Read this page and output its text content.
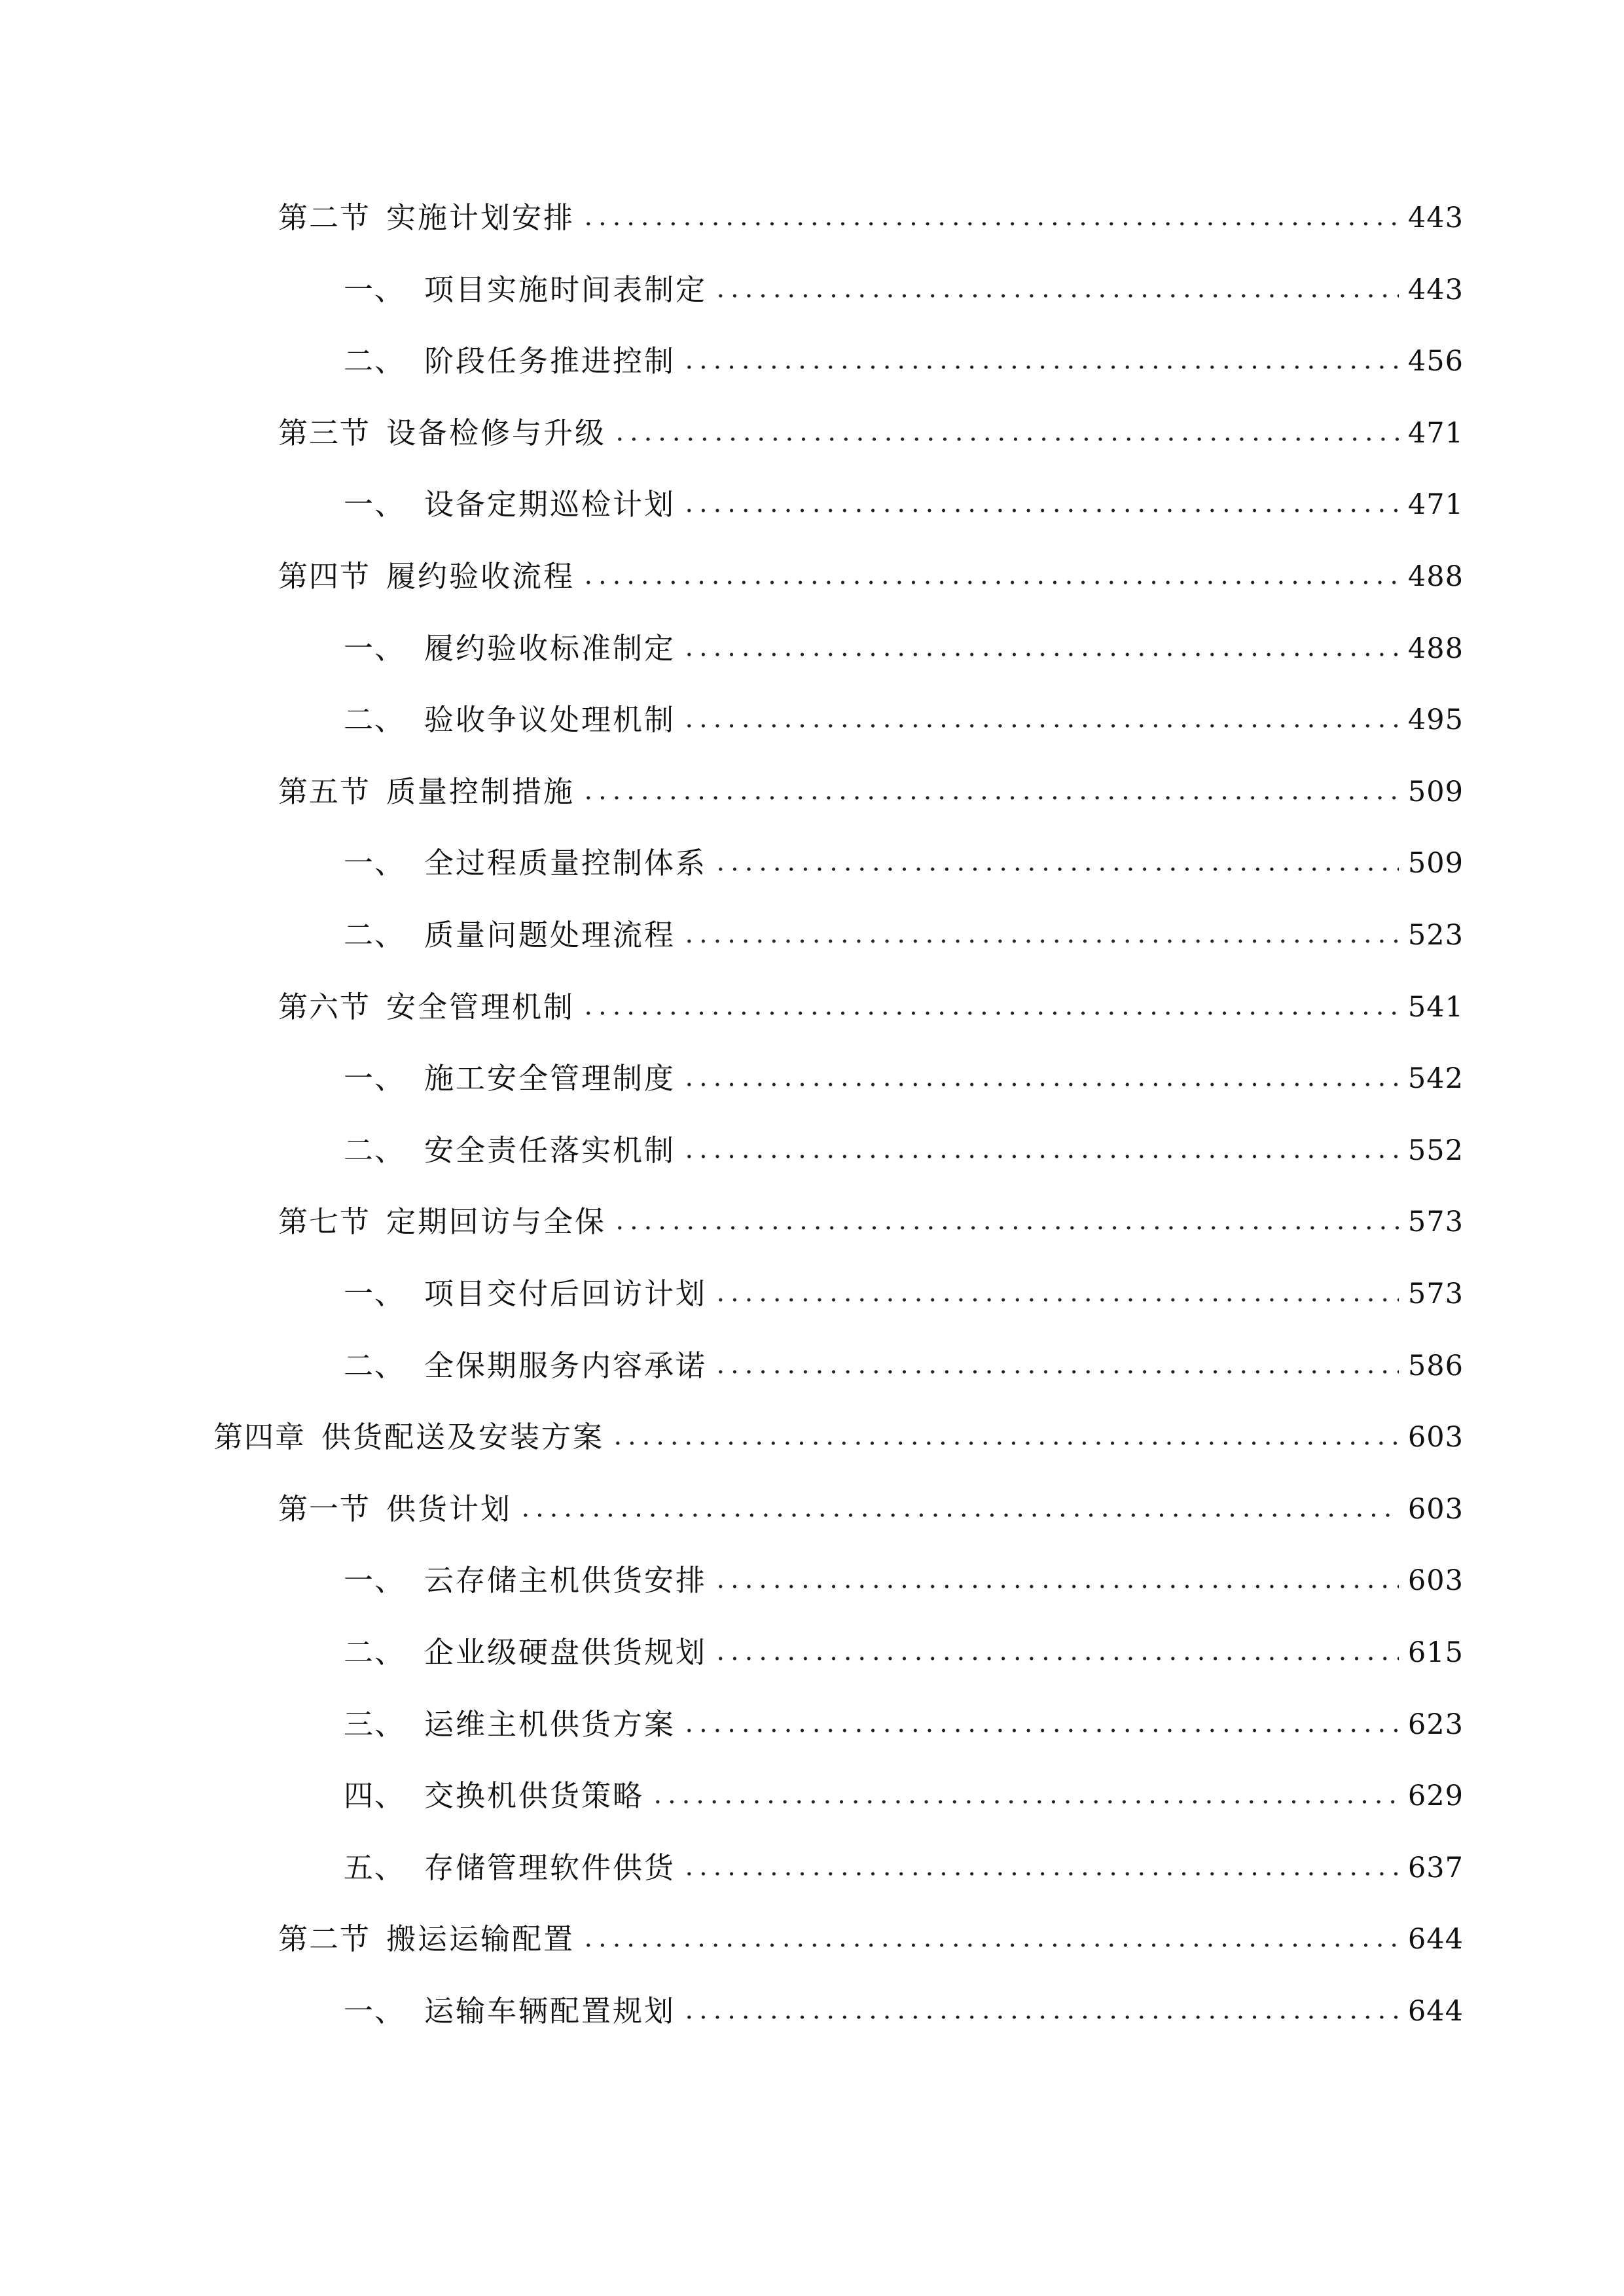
第二节 实施计划安排	443
一、 项目实施时间表制定	443
二、 阶段任务推进控制	456
第三节 设备检修与升级	471
一、 设备定期巡检计划	471
第四节 履约验收流程	488
一、 履约验收标准制定	488
二、 验收争议处理机制	495
第五节 质量控制措施	509
一、 全过程质量控制体系	509
二、 质量问题处理流程	523
第六节 安全管理机制	541
一、 施工安全管理制度	542
二、 安全责任落实机制	552
第七节 定期回访与全保	573
一、 项目交付后回访计划	573
二、 全保期服务内容承诺	586
第四章 供货配送及安装方案	603
第一节 供货计划	603
一、 云存储主机供货安排	603
二、 企业级硬盘供货规划	615
三、 运维主机供货方案	623
四、 交换机供货策略	629
五、 存储管理软件供货	637
第二节 搬运运输配置	644
一、 运输车辆配置规划	644
